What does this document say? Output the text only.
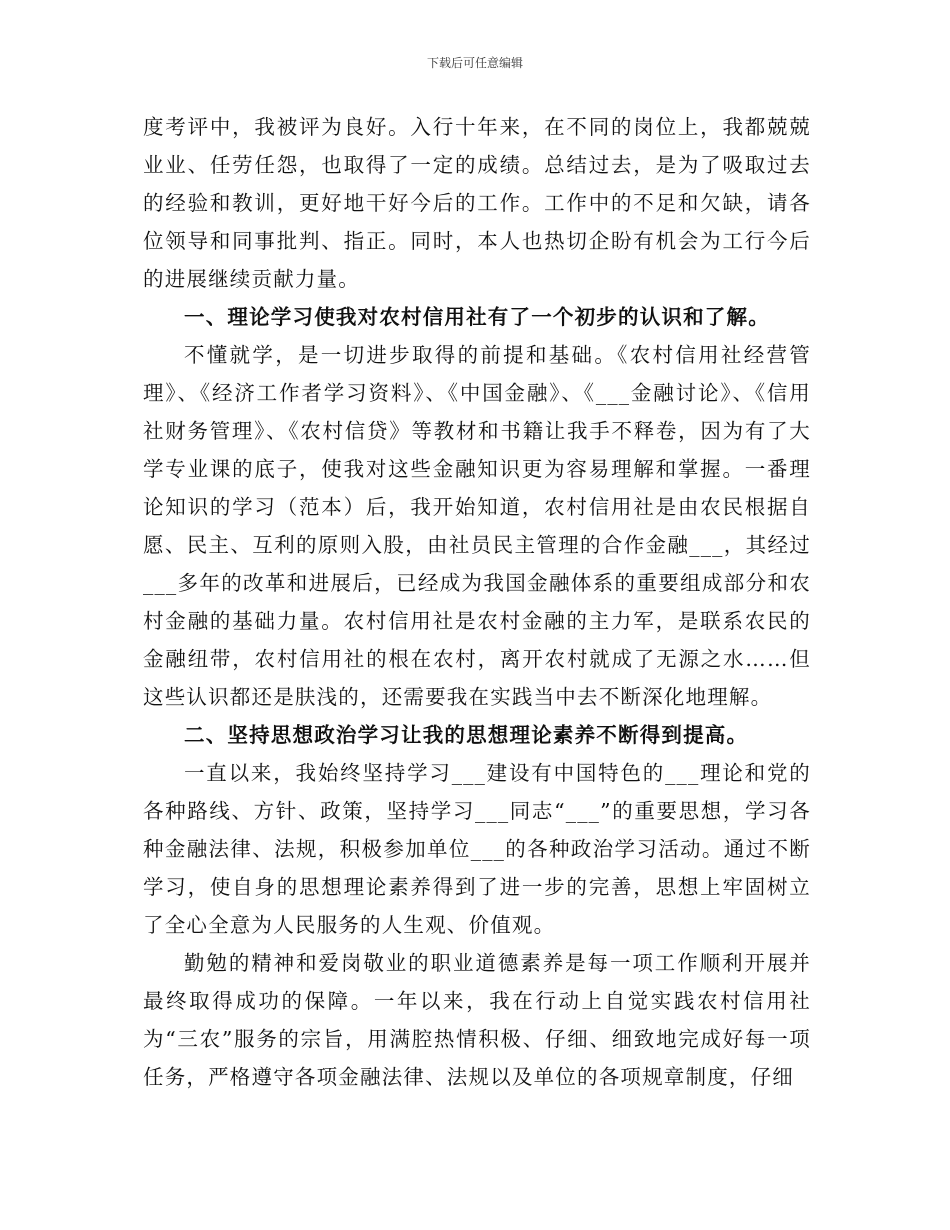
下载后可任意编辑

度考评中，我被评为良好。入行十年来，在不同的岗位上，我都兢兢业业、任劳任怨，也取得了一定的成绩。总结过去，是为了吸取过去的经验和教训，更好地干好今后的工作。工作中的不足和欠缺，请各位领导和同事批判、指正。同时，本人也热切企盼有机会为工行今后的进展继续贡献力量。

一、理论学习使我对农村信用社有了一个初步的认识和了解。

不懂就学，是一切进步取得的前提和基础。《农村信用社经营管理》、《经济工作者学习资料》、《中国金融》、《___金融讨论》、《信用社财务管理》、《农村信贷》等教材和书籍让我手不释卷，因为有了大学专业课的底子，使我对这些金融知识更为容易理解和掌握。一番理论知识的学习（范本）后，我开始知道，农村信用社是由农民根据自愿、民主、互利的原则入股，由社员民主管理的合作金融___，其经过___多年的改革和进展后，已经成为我国金融体系的重要组成部分和农村金融的基础力量。农村信用社是农村金融的主力军，是联系农民的金融纽带，农村信用社的根在农村，离开农村就成了无源之水……但这些认识都还是肤浅的，还需要我在实践当中去不断深化地理解。

二、坚持思想政治学习让我的思想理论素养不断得到提高。

一直以来，我始终坚持学习___建设有中国特色的___理论和党的各种路线、方针、政策，坚持学习___同志“___”的重要思想，学习各种金融法律、法规，积极参加单位___的各种政治学习活动。通过不断学习，使自身的思想理论素养得到了进一步的完善，思想上牢固树立了全心全意为人民服务的人生观、价值观。

勤勉的精神和爱岗敬业的职业道德素养是每一项工作顺利开展并最终取得成功的保障。一年以来，我在行动上自觉实践农村信用社为“三农”服务的宗旨，用满腔热情积极、仔细、细致地完成好每一项任务，严格遵守各项金融法律、法规以及单位的各项规章制度，仔细
